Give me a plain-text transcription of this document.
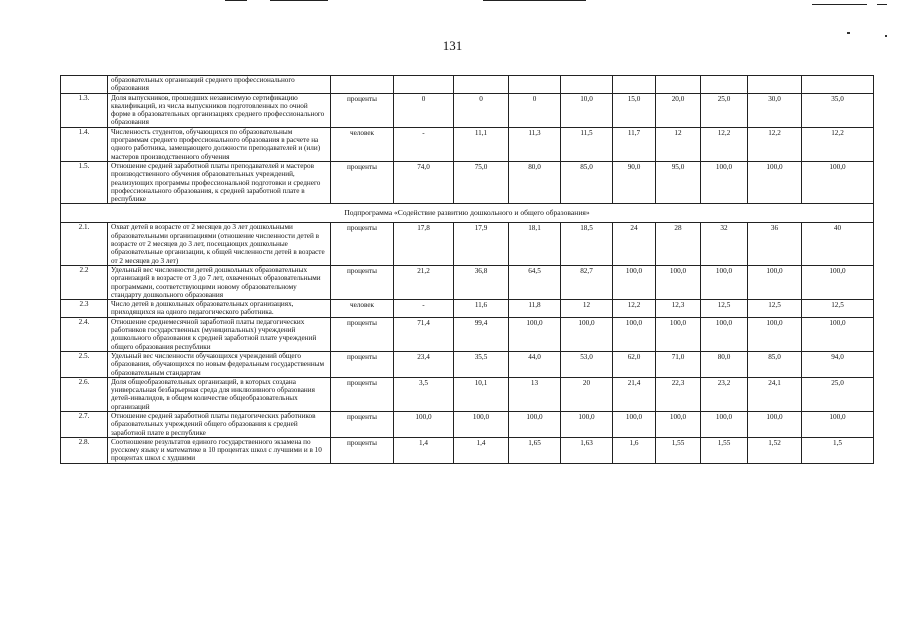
131
	образовательных организаций среднего профессионального образования										
1.3.	Доля выпускников, прошедших независимую сертификацию квалификаций, из числа выпускников подготовленных по очной форме в образовательных организациях среднего профессионального образования	проценты	0	0	0	10,0	15,0	20,0	25,0	30,0	35,0
1.4.	Численность студентов, обучающихся по образовательным программам среднего профессионального образования в расчете на одного работника, замещающего должности преподавателей и (или) мастеров производственного обучения	человек	-	11,1	11,3	11,5	11,7	12	12,2	12,2	12,2
1.5.	Отношение средней заработной платы преподавателей и мастеров производственного обучения образовательных учреждений, реализующих программы профессиональной подготовки и среднего профессионального образования, к средней заработной плате в республике	проценты	74,0	75,0	80,0	85,0	90,0	95,0	100,0	100,0	100,0
Подпрограмма «Содействие развитию дошкольного и общего образования»											
2.1.	Охват детей в возрасте от 2 месяцев до 3 лет дошкольными образовательными организациями (отношение численности детей в возрасте от 2 месяцев до 3 лет, посещающих дошкольные образовательные организации, к общей численности детей в возрасте от 2 месяцев до 3 лет)	проценты	17,8	17,9	18,1	18,5	24	28	32	36	40
2.2	Удельный вес численности детей дошкольных образовательных организаций в возрасте от 3 до 7 лет, охваченных образовательными программами, соответствующими новому образовательному стандарту дошкольного образования	проценты	21,2	36,8	64,5	82,7	100,0	100,0	100,0	100,0	100,0
2.3	Число детей в дошкольных образовательных организациях, приходящихся на одного педагогического работника.	человек	-	11,6	11,8	12	12,2	12,3	12,5	12,5	12,5
2.4.	Отношение среднемесячной заработной платы педагогических работников государственных (муниципальных) учреждений дошкольного образования к средней заработной плате учреждений общего образования республики	проценты	71,4	99,4	100,0	100,0	100,0	100,0	100,0	100,0	100,0
2.5.	Удельный вес численности обучающихся учреждений общего образования, обучающихся по новым федеральным государственным образовательным стандартам	проценты	23,4	35,5	44,0	53,0	62,0	71,0	80,0	85,0	94,0
2.6.	Доля общеобразовательных организаций, в которых создана универсальная безбарьерная среда для инклюзивного образования детей-инвалидов, в общем количестве общеобразовательных организаций	проценты	3,5	10,1	13	20	21,4	22,3	23,2	24,1	25,0
2.7.	Отношение средней заработной платы педагогических работников образовательных учреждений общего образования к средней заработной плате в республике	проценты	100,0	100,0	100,0	100,0	100,0	100,0	100,0	100,0	100,0
2.8.	Соотношение результатов единого государственного экзамена по русскому языку и математике в 10 процентах школ с лучшими и в 10 процентах школ с худшими	проценты	1,4	1,4	1,65	1,63	1,6	1,55	1,55	1,52	1,5
